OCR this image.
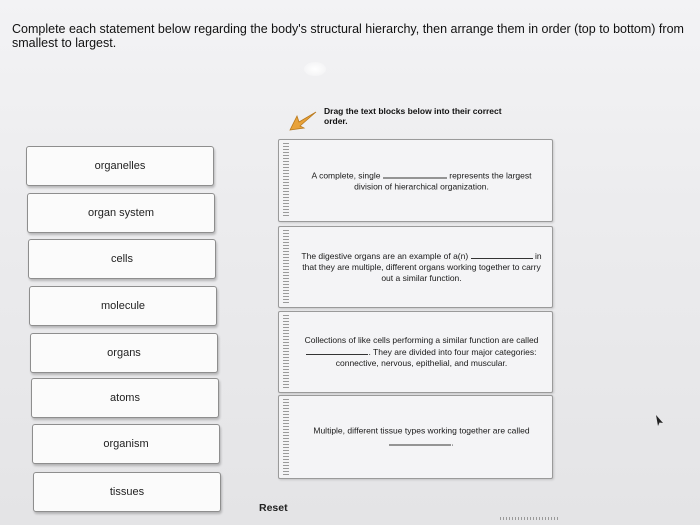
Complete each statement below regarding the body's structural hierarchy, then arrange them in order (top to bottom) from smallest to largest.
Drag the text blocks below into their correct order.
organelles
organ system
cells
molecule
organs
atoms
organism
tissues
A complete, single	represents the largest division of hierarchical organization.
The digestive organs are an example of a(n)	in that they are multiple, different organs working together to carry out a similar function.
Collections of like cells performing a similar function are called . They are divided into four major categories: connective, nervous, epithelial, and muscular.
Multiple, different tissue types working together are called .
Reset
